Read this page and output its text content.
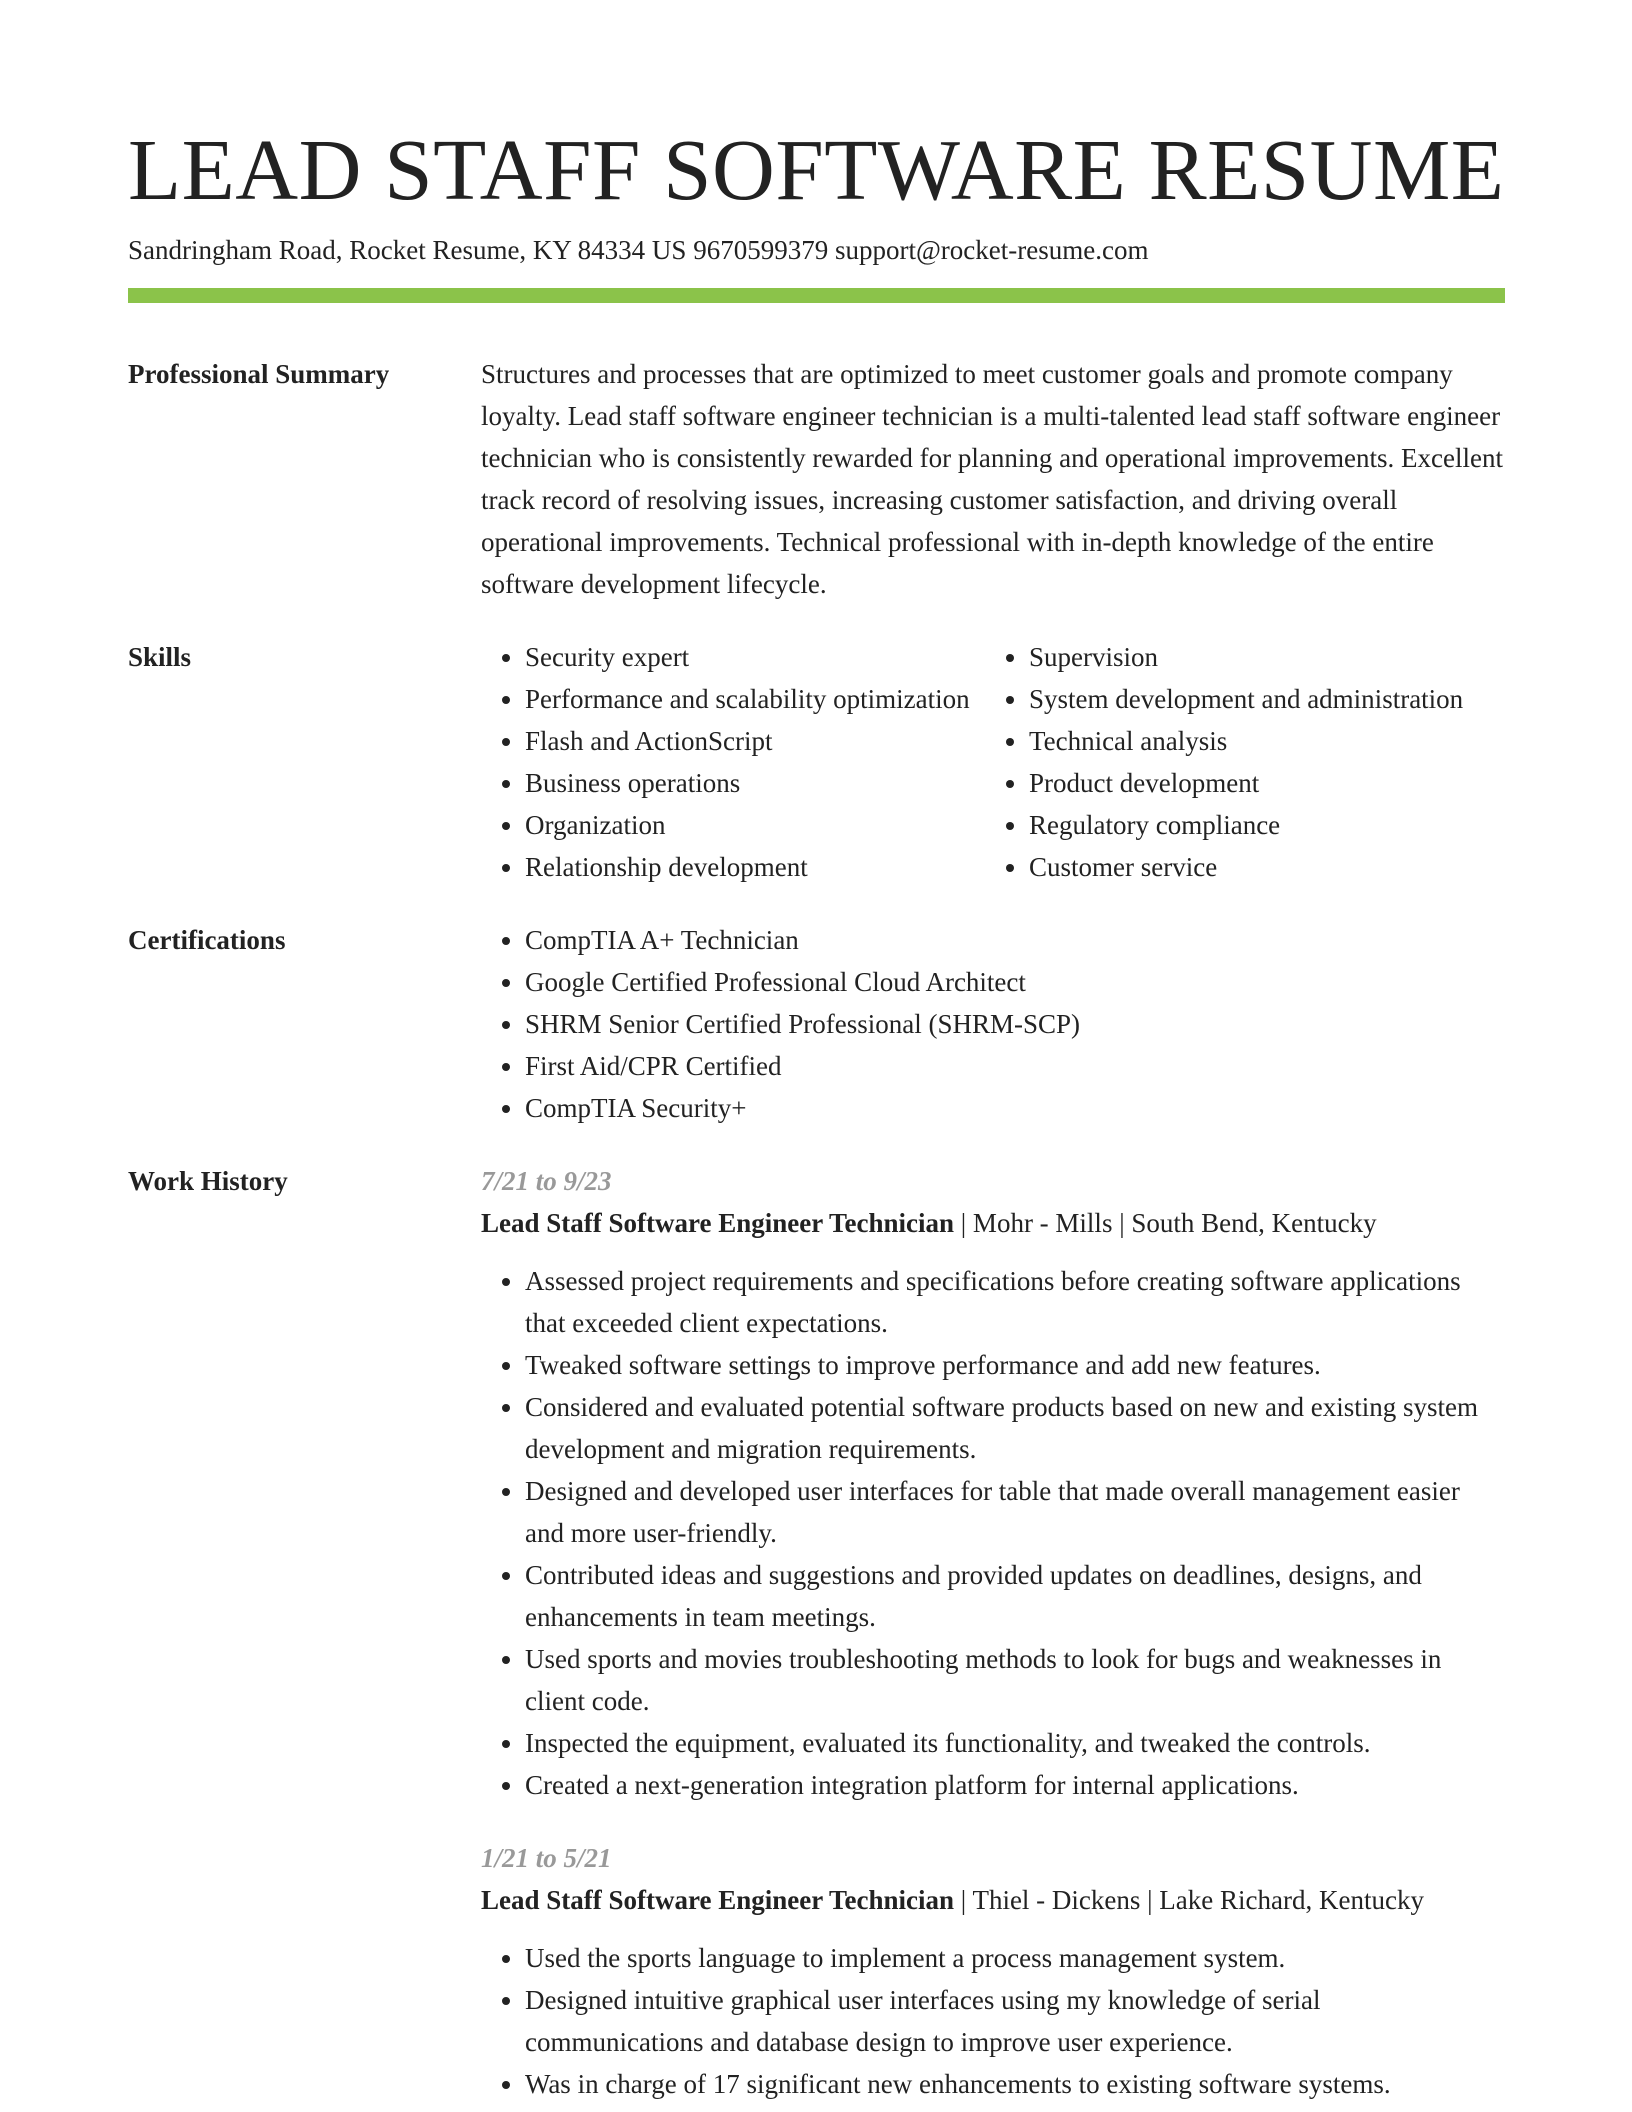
LEAD STAFF SOFTWARE RESUME
Sandringham Road, Rocket Resume, KY 84334 US 9670599379 support@rocket-resume.com
Professional Summary	Structures and processes that are optimized to meet customer goals and promote company loyalty. Lead staff software engineer technician is a multi-talented lead staff software engineer technician who is consistently rewarded for planning and operational improvements. Excellent track record of resolving issues, increasing customer satisfaction, and driving overall operational improvements. Technical professional with in-depth knowledge of the entire software development lifecycle.

Skills	• Security expert
• Performance and scalability optimization
• Flash and ActionScript
• Business operations
• Organization
• Relationship development
• Supervision
• System development and administration
• Technical analysis
• Product development
• Regulatory compliance
• Customer service
Certifications	• CompTIA A+ Technician
• Google Certified Professional Cloud Architect
• SHRM Senior Certified Professional (SHRM-SCP)
• First Aid/CPR Certified
• CompTIA Security+
Work History	7/21 to 9/23
Lead Staff Software Engineer Technician | Mohr - Mills | South Bend, Kentucky
• Assessed project requirements and specifications before creating software applications that exceeded client expectations.
• Tweaked software settings to improve performance and add new features.
• Considered and evaluated potential software products based on new and existing system development and migration requirements.
• Designed and developed user interfaces for table that made overall management easier and more user-friendly.
• Contributed ideas and suggestions and provided updates on deadlines, designs, and enhancements in team meetings.
• Used sports and movies troubleshooting methods to look for bugs and weaknesses in client code.
• Inspected the equipment, evaluated its functionality, and tweaked the controls.
• Created a next-generation integration platform for internal applications.
1/21 to 5/21
Lead Staff Software Engineer Technician | Thiel - Dickens | Lake Richard, Kentucky
• Used the sports language to implement a process management system.
• Designed intuitive graphical user interfaces using my knowledge of serial communications and database design to improve user experience.
• Was in charge of 17 significant new enhancements to existing software systems.
